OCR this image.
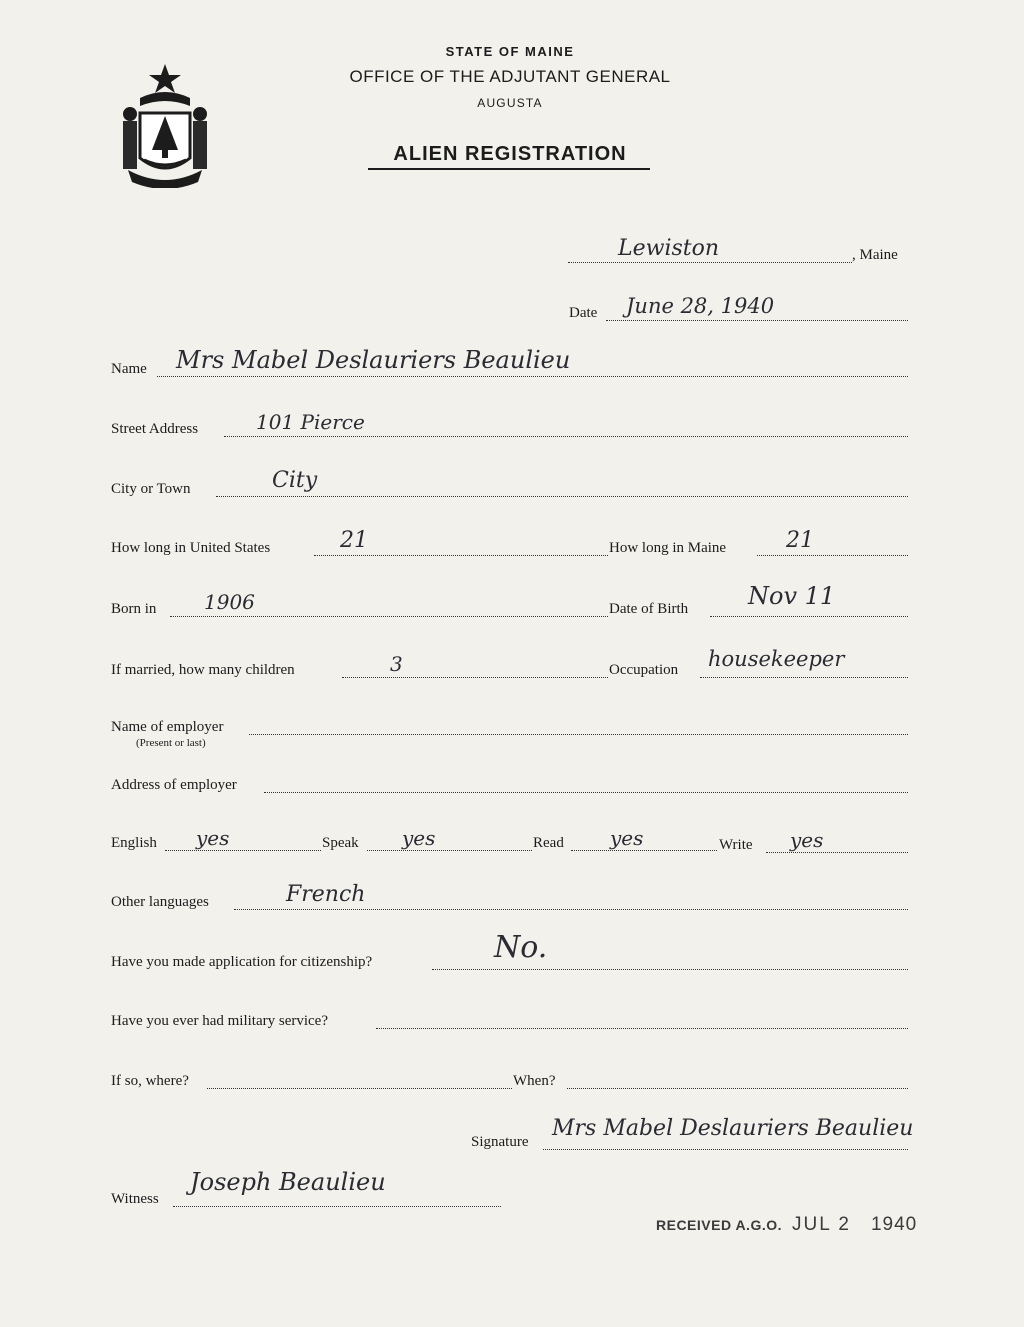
STATE OF MAINE
OFFICE OF THE ADJUTANT GENERAL
AUGUSTA
ALIEN REGISTRATION
Lewiston	, Maine
Date June 28, 1940
Name Mrs Mabel Deslauriers Beaulieu
Street Address	101 Pierce
City or Town	City
How long in United States	21	How long in Maine	21
Born in 1906	Date of Birth Nov 11
If married, how many children	3	Occupation housekeeper
Name of employer
(Present or last)
Address of employer
English yes	Speak yes	Read yes	Write yes
Other languages	French
Have you made application for citizenship?	No.
Have you ever had military service?
If so, where?	When?
Signature
Mrs Mabel Deslauriers Beaulieu
Witness
Joseph Beaulieu
RECEIVED A.G.O. JUL 2 1940
